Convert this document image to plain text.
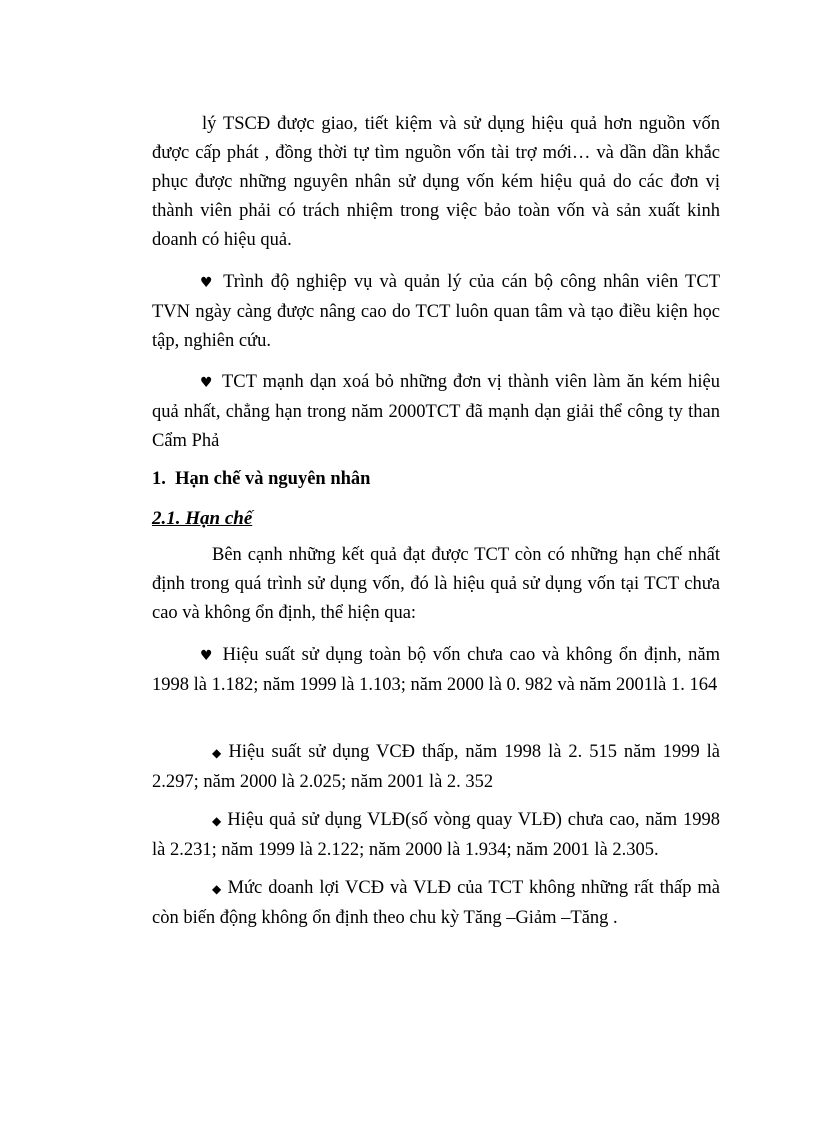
lý TSCĐ được giao, tiết kiệm và sử dụng hiệu quả hơn nguồn vốn được cấp phát , đồng thời tự tìm nguồn vốn tài trợ mới… và dần dần khắc phục được những nguyên nhân sử dụng vốn kém hiệu quả do các đơn vị thành viên phải có trách nhiệm trong việc bảo toàn vốn và sản xuất kinh doanh có hiệu quả.

♥ Trình độ nghiệp vụ và quản lý của cán bộ công nhân viên TCT TVN ngày càng được nâng cao do TCT luôn quan tâm và tạo điều kiện học tập, nghiên cứu.

♥ TCT mạnh dạn xoá bỏ những đơn vị thành viên làm ăn kém hiệu quả nhất, chẳng hạn trong năm 2000TCT đã mạnh dạn giải thể công ty than Cẩm Phả

1. Hạn chế và nguyên nhân
2.1. Hạn chế

Bên cạnh những kết quả đạt được TCT còn có những hạn chế nhất định trong quá trình sử dụng vốn, đó là hiệu quả sử dụng vốn tại TCT chưa cao và không ổn định, thể hiện qua:

♥ Hiệu suất sử dụng toàn bộ vốn chưa cao và không ổn định, năm 1998 là 1.182; năm 1999 là 1.103; năm 2000 là 0. 982 và năm 2001là 1. 164

◆ Hiệu suất sử dụng VCĐ thấp, năm 1998 là 2. 515 năm 1999 là 2.297; năm 2000 là 2.025; năm 2001 là 2. 352

◆ Hiệu quả sử dụng VLĐ(số vòng quay VLĐ) chưa cao, năm 1998 là 2.231; năm 1999 là 2.122; năm 2000 là 1.934; năm 2001 là 2.305.

◆ Mức doanh lợi VCĐ và VLĐ của TCT không những rất thấp mà còn biến động không ổn định theo chu kỳ Tăng –Giảm –Tăng .
